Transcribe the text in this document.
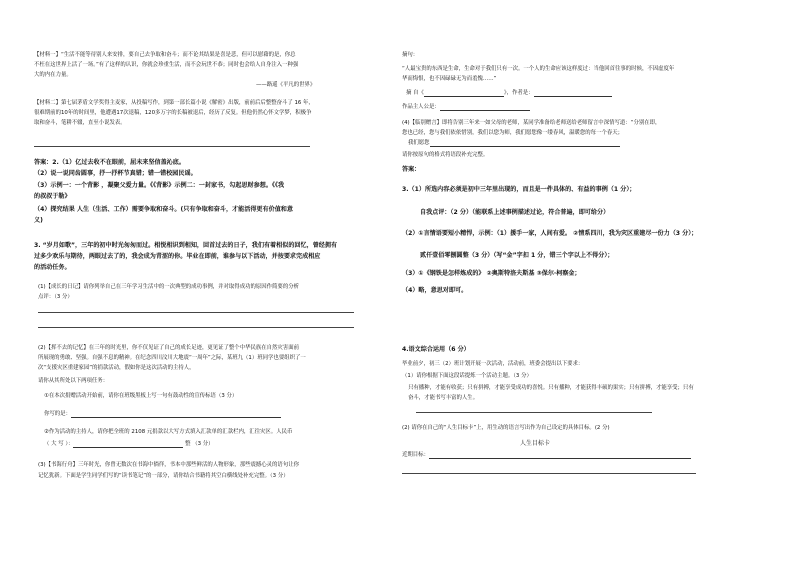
【材料一】“生活不能等待别人来安排，要自己去争取和奋斗；而不论其结果是喜是悲，但可以慰藉的是，你总
不枉在这世界上活了一场。”有了这样的认识，你就会珍重生活，而不会玩世不恭；同时也会给人自身注入一种强
大的内在力量。
——路遥《平凡的世界》
【材料二】第七届茅盾文学奖得主麦家，从投稿写作，到第一部长篇小说《解密》出版，前前后后整整奋斗了 16 年，
很难期前的10年的时间里，他遭遇17次退稿，120多万字的长稿被退后，经历了反复。但他仍然心怀文学梦，积极争
取和奋斗，笔耕不辍，直至小说发表。
答案：2.（1）亿过去收不在眼前，屈未来坚信盖沁底。
（2）说一说同齿圆事，抒一抒杯节真错；错一错校园民谣。
（3）示例一：一个背影 ，凝聚父爱力量。《《背影》示例二：一封家书，勾起思财参想。《《我
的叔叔于勒》
（4）探究结果 人生（生活、工作）需要争取和奋斗。(只有争取和奋斗，才能活得更有价值和意
义)
3. “岁月如歌”，三年的初中时光匆匆而过。相悦相识到相知，回首过去的日子，我们有着相似的回忆，曾经拥有
过多少欢乐与期待，两眼过去了的，我会成为青涩的你。毕业在即前，谁参与以下活动，并按要求完成相应
的活动任务。
(1)【成长的日记】请你列举自己在三年学习生活中的一次典型的成功事例，并对取得成功的原因作简要的分析
点评：（3 分）
(2)【挥不去的记忆】在三年的时光里，你不仅见证了自己的成长足迹，更见证了整个中华民族在自然灾害面前
所展现的勇敢、坚强。自强不息的精神。在纪念四川汶川大地震“一周年”之际，某班九（1）班同学也要组织了一
次“支援灾区重建家园”的捐款活动，假如你是这次活动的主持人，
请你从其所处以下两项任务：
①在本次捐赠活动开始前，请你在班级黑板上写一句有鼓动性的宣传标语（3 分）
你写的是：
②作为活动的主持人，请你把全班的 2108 元捐款以大写方式填入汇款单的汇款栏内，汇往灾区。人民币
（ 大 写 ）：	整 （3 分）
(3)【书海行舟】三年时光，你曾无数次在书海中徜徉，书本中那些鲜活的人物形象，那些震撼心灵的语句让你
记忆犹新。下面是学生同学们写的“读书笔记”的一部分，请你结合书籍将其空白横线处补充完整。（3 分）
摘句：
“人最宝贵的东西是生命，生命对于我们只有一次。一个人的生命应该这样度过：当他回首往事的时候，不因虚度年
华而悔恨，也不因碌碌无为而羞愧……”
摘 自《	》，作者是：
作品主人公是：
(4)【临别赠言】即将告别三年来一如父母的老师，某同学准备给老师送给老师留言中深情写道：“分别在即，
您也已经，您与我们依依惜别，我们以您为师，我们愿您像一缕春风，温暖您的每一个春天；
我们愿您
请你按原句的格式将语段补充完整。
答案：
3.（1）所选内容必须是初中三年里出现的，而且是一件具体的、有益的事例（1 分）；
自我点评：（2 分）（能联系上述事例描述过论，符合普遍，即可给分）
（2）①言情语要短小精悍，示例：（1）援手一家，人间有爱。 ②情系四川，我为灾区重建尽一份力（3 分）；
贰仟壹佰零捌圆整（3 分）（写“金”字扣 1 分，错三个字以上不得分）；
（3）①《钢铁是怎样炼成的》 ②奥斯特洛夫斯基 ③保尔·柯察金；
（4）略，意思对即可。
4.语文综合运用（6 分）
毕业前夕，初三（2）班计划开展一次活动，活动前，班委会提出以下要求：
（1）请你根据下面这段话提炼一个活动主题。（3 分）
只有播种，才能有收获；只有拼搏，才能享受成功的喜悦。只有播种，才能获得丰硕的果实；只有拼搏，才能享受；只有
奋斗，才能书写丰富的人生。
(2) 请你在自己的“人生目标卡”上，用生动的语言写出作为自己设定的具体目标。(2 分)
人生目标卡
近期目标：
